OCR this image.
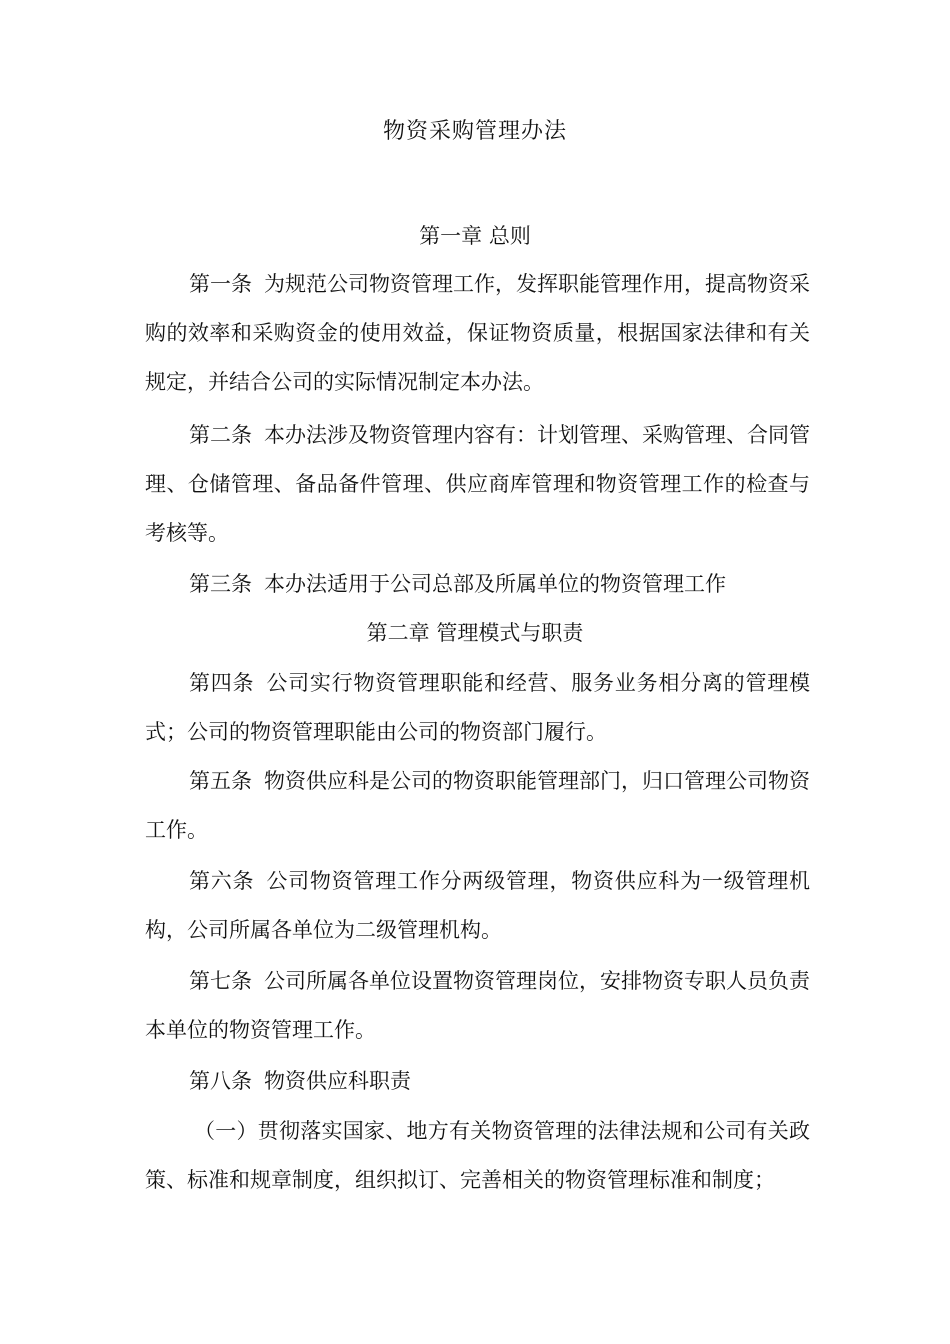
物资采购管理办法
第一章 总则

第一条 为规范公司物资管理工作，发挥职能管理作用，提高物资采购的效率和采购资金的使用效益，保证物资质量，根据国家法律和有关规定，并结合公司的实际情况制定本办法。

第二条 本办法涉及物资管理内容有：计划管理、采购管理、合同管理、仓储管理、备品备件管理、供应商库管理和物资管理工作的检查与考核等。

第三条 本办法适用于公司总部及所属单位的物资管理工作

第二章 管理模式与职责

第四条 公司实行物资管理职能和经营、服务业务相分离的管理模式；公司的物资管理职能由公司的物资部门履行。

第五条 物资供应科是公司的物资职能管理部门，归口管理公司物资工作。

第六条 公司物资管理工作分两级管理，物资供应科为一级管理机构，公司所属各单位为二级管理机构。

第七条 公司所属各单位设置物资管理岗位，安排物资专职人员负责本单位的物资管理工作。

第八条 物资供应科职责

（一）贯彻落实国家、地方有关物资管理的法律法规和公司有关政策、标准和规章制度，组织拟订、完善相关的物资管理标准和制度；
